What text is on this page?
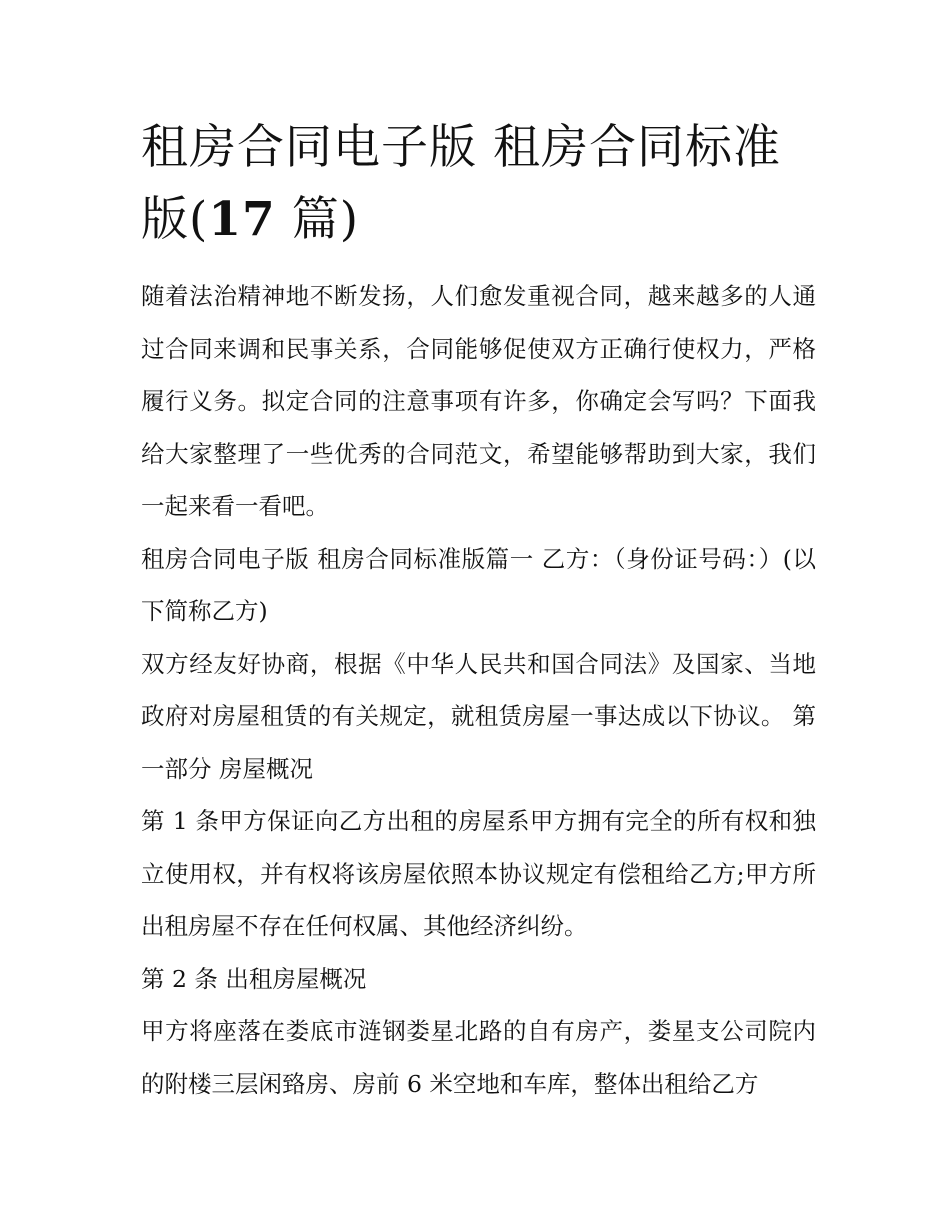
租房合同电子版 租房合同标准版(17 篇)

随着法治精神地不断发扬，人们愈发重视合同，越来越多的人通过合同来调和民事关系，合同能够促使双方正确行使权力，严格履行义务。拟定合同的注意事项有许多，你确定会写吗？下面我给大家整理了一些优秀的合同范文，希望能够帮助到大家，我们一起来看一看吧。

租房合同电子版 租房合同标准版篇一 乙方：（身份证号码：）(以下简称乙方)

双方经友好协商，根据《中华人民共和国合同法》及国家、当地政府对房屋租赁的有关规定，就租赁房屋一事达成以下协议。 第一部分 房屋概况

第 1 条甲方保证向乙方出租的房屋系甲方拥有完全的所有权和独立使用权，并有权将该房屋依照本协议规定有偿租给乙方;甲方所出租房屋不存在任何权属、其他经济纠纷。

第 2 条 出租房屋概况

甲方将座落在娄底市涟钢娄星北路的自有房产，娄星支公司院内的附楼三层闲臵房、房前 6 米空地和车库，整体出租给乙方
